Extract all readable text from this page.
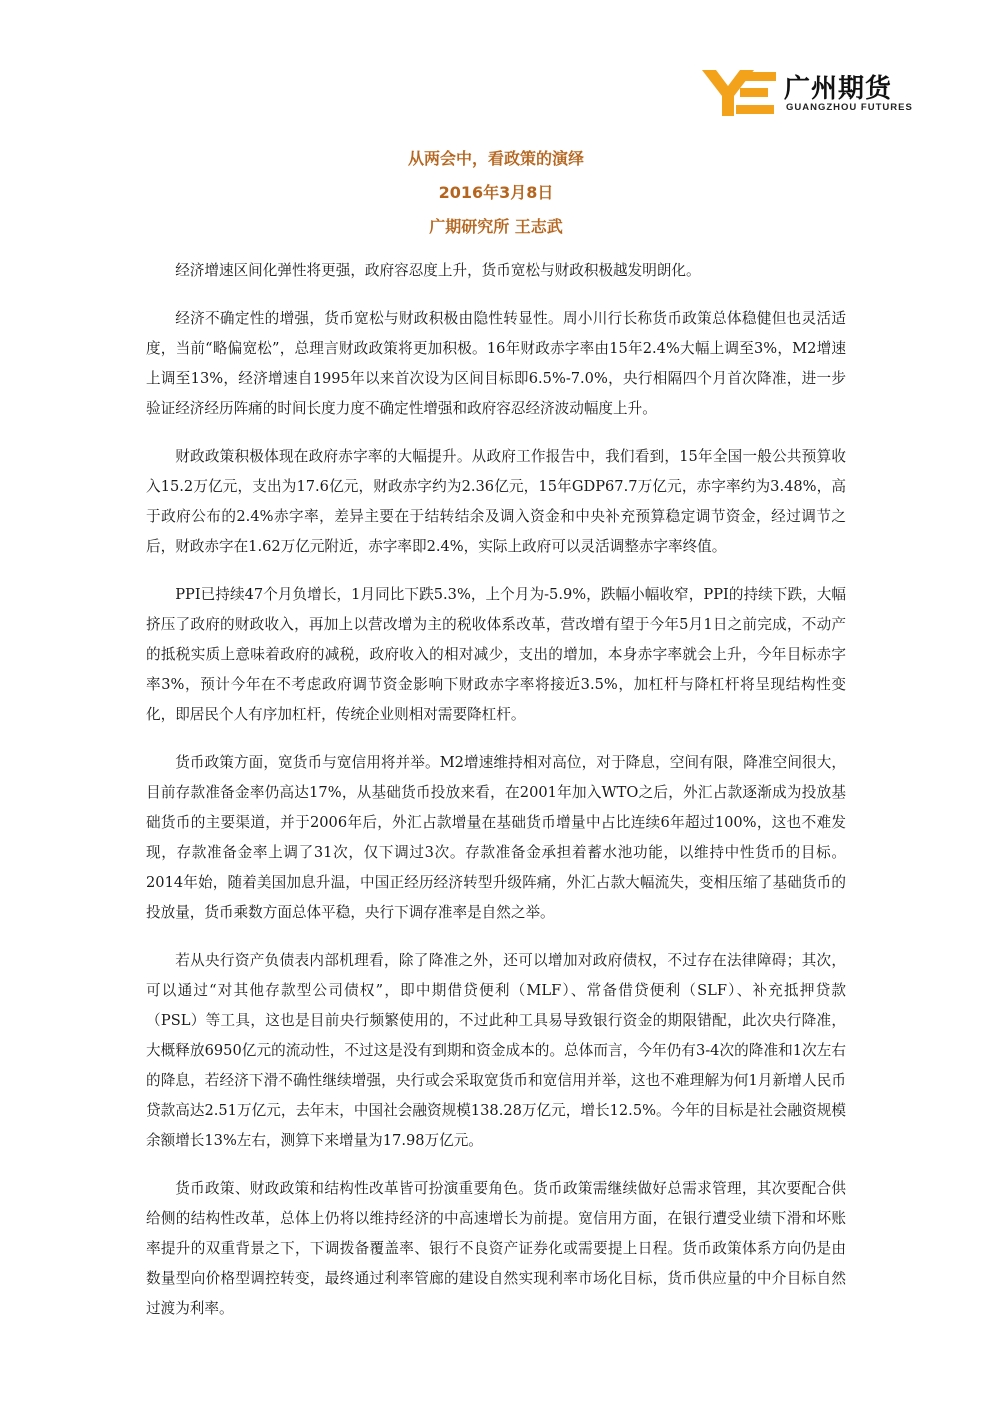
广州期货
GUANGZHOU FUTURES
从两会中，看政策的演绎
2016年3月8日
广期研究所 王志武

经济增速区间化弹性将更强，政府容忍度上升，货币宽松与财政积极越发明朗化。

经济不确定性的增强，货币宽松与财政积极由隐性转显性。周小川行长称货币政策总体稳健但也灵活适度，当前“略偏宽松”，总理言财政政策将更加积极。16年财政赤字率由15年2.4%大幅上调至3%，M2增速上调至13%，经济增速自1995年以来首次设为区间目标即6.5%-7.0%，央行相隔四个月首次降准，进一步验证经济经历阵痛的时间长度力度不确定性增强和政府容忍经济波动幅度上升。

财政政策积极体现在政府赤字率的大幅提升。从政府工作报告中，我们看到，15年全国一般公共预算收入15.2万亿元，支出为17.6亿元，财政赤字约为2.36亿元，15年GDP67.7万亿元，赤字率约为3.48%，高于政府公布的2.4%赤字率，差异主要在于结转结余及调入资金和中央补充预算稳定调节资金，经过调节之后，财政赤字在1.62万亿元附近，赤字率即2.4%，实际上政府可以灵活调整赤字率终值。

PPI已持续47个月负增长，1月同比下跌5.3%，上个月为-5.9%，跌幅小幅收窄，PPI的持续下跌，大幅挤压了政府的财政收入，再加上以营改增为主的税收体系改革，营改增有望于今年5月1日之前完成，不动产的抵税实质上意味着政府的减税，政府收入的相对减少，支出的增加，本身赤字率就会上升，今年目标赤字率3%，预计今年在不考虑政府调节资金影响下财政赤字率将接近3.5%，加杠杆与降杠杆将呈现结构性变化，即居民个人有序加杠杆，传统企业则相对需要降杠杆。

货币政策方面，宽货币与宽信用将并举。M2增速维持相对高位，对于降息，空间有限，降准空间很大，目前存款准备金率仍高达17%，从基础货币投放来看，在2001年加入WTO之后，外汇占款逐渐成为投放基础货币的主要渠道，并于2006年后，外汇占款增量在基础货币增量中占比连续6年超过100%，这也不难发现，存款准备金率上调了31次，仅下调过3次。存款准备金承担着蓄水池功能，以维持中性货币的目标。2014年始，随着美国加息升温，中国正经历经济转型升级阵痛，外汇占款大幅流失，变相压缩了基础货币的投放量，货币乘数方面总体平稳，央行下调存准率是自然之举。

若从央行资产负债表内部机理看，除了降准之外，还可以增加对政府债权，不过存在法律障碍；其次，可以通过“对其他存款型公司债权”，即中期借贷便利（MLF）、常备借贷便利（SLF）、补充抵押贷款（PSL）等工具，这也是目前央行频繁使用的，不过此种工具易导致银行资金的期限错配，此次央行降准，大概释放6950亿元的流动性，不过这是没有到期和资金成本的。总体而言，今年仍有3-4次的降准和1次左右的降息，若经济下滑不确性继续增强，央行或会采取宽货币和宽信用并举，这也不难理解为何1月新增人民币贷款高达2.51万亿元，去年末，中国社会融资规模138.28万亿元，增长12.5%。今年的目标是社会融资规模余额增长13%左右，测算下来增量为17.98万亿元。

货币政策、财政政策和结构性改革皆可扮演重要角色。货币政策需继续做好总需求管理，其次要配合供给侧的结构性改革，总体上仍将以维持经济的中高速增长为前提。宽信用方面，在银行遭受业绩下滑和坏账率提升的双重背景之下，下调拨备覆盖率、银行不良资产证券化或需要提上日程。货币政策体系方向仍是由数量型向价格型调控转变，最终通过利率管廊的建设自然实现利率市场化目标，货币供应量的中介目标自然过渡为利率。
